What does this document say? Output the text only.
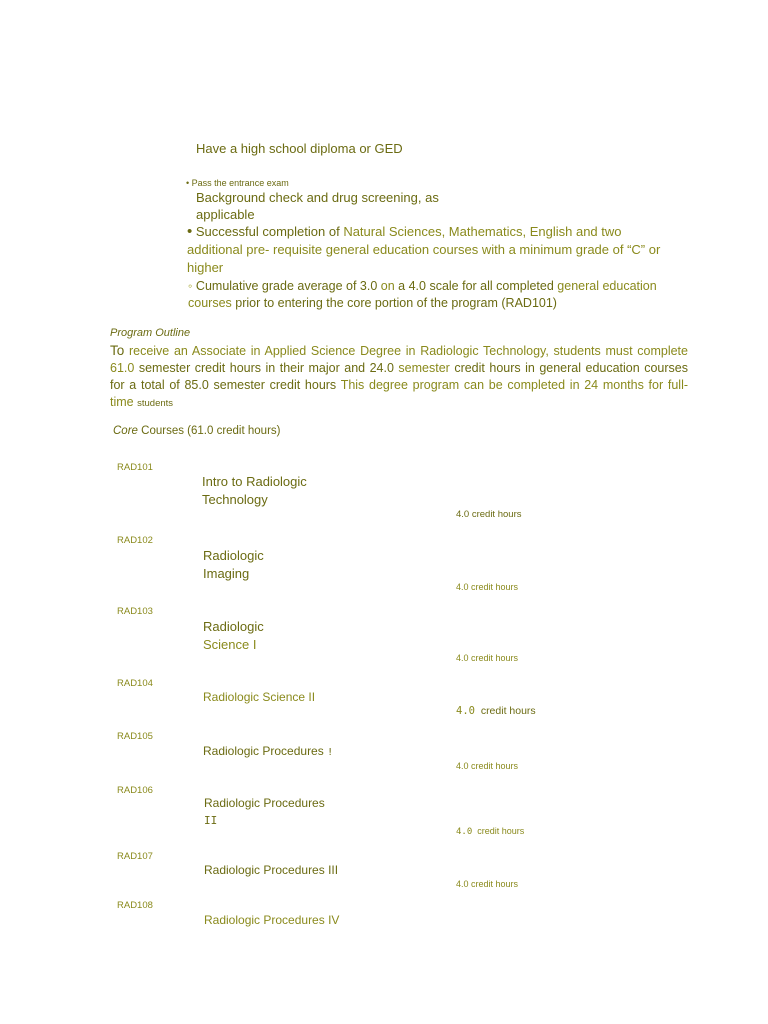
Have a high school diploma or GED
• Pass the entrance exam
Background check and drug screening, as applicable
• Successful completion of Natural Sciences, Mathematics, English and two additional pre- requisite general education courses with a minimum grade of “C” or higher
◦ Cumulative grade average of 3.0 on a 4.0 scale for all completed general education courses prior to entering the core portion of the program (RAD101)
Program Outline
To receive an Associate in Applied Science Degree in Radiologic Technology, students must complete 61.0 semester credit hours in their major and 24.0 semester credit hours in general education courses for a total of 85.0 semester credit hours This degree program can be completed in 24 months for full-time students
Core Courses (61.0 credit hours)
RAD101
Intro to Radiologic Technology
4.0 credit hours
RAD102
Radiologic Imaging
4.0 credit hours
RAD103
Radiologic
Science I
4.0 credit hours
RAD104
Radiologic Science II
4.0 credit hours
RAD105
Radiologic Procedures !
4.0 credit hours
RAD106
Radiologic Procedures
II
4.0 credit hours
RAD107
Radiologic Procedures III
4.0 credit hours
RAD108
Radiologic Procedures IV
